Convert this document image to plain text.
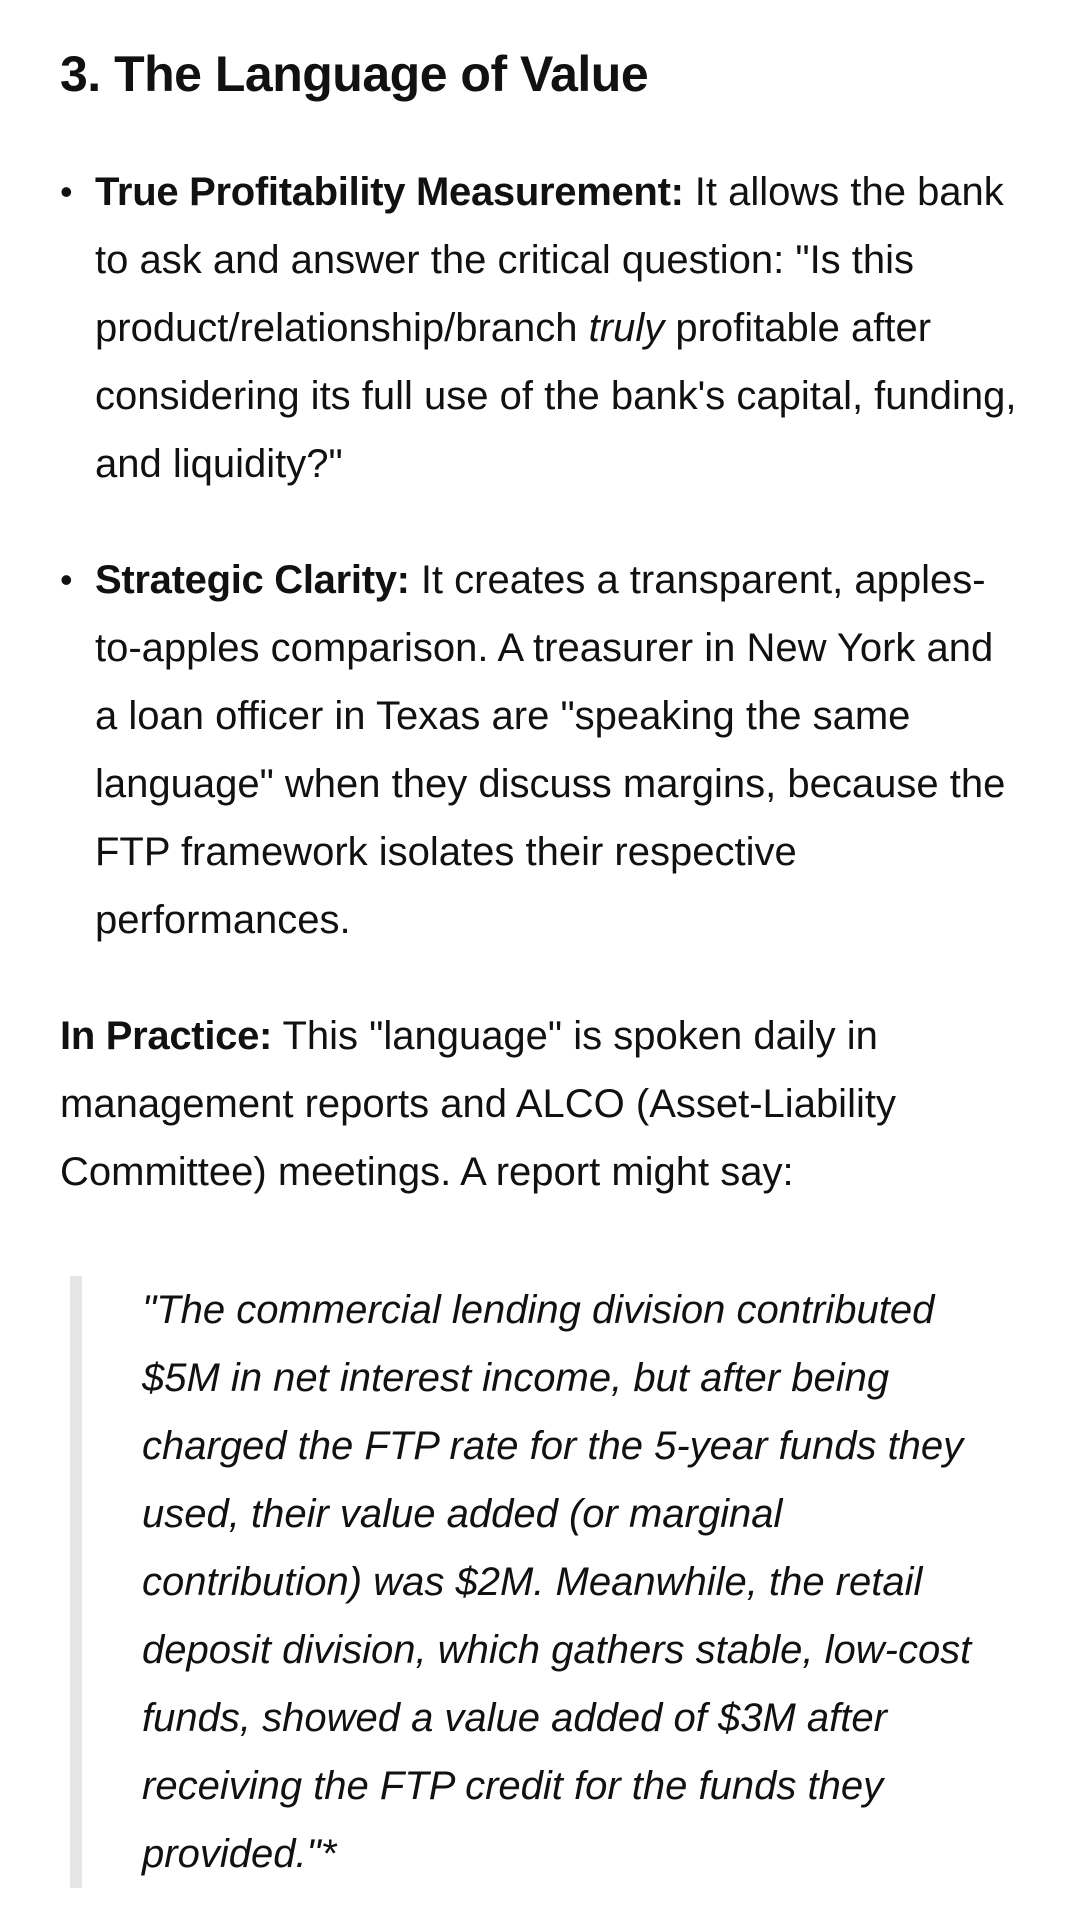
3. The Language of Value
• True Profitability Measurement: It allows the bank to ask and answer the critical question: "Is this product/relationship/branch truly profitable after considering its full use of the bank's capital, funding, and liquidity?"
• Strategic Clarity: It creates a transparent, apples-to-apples comparison. A treasurer in New York and a loan officer in Texas are "speaking the same language" when they discuss margins, because the FTP framework isolates their respective performances.

In Practice: This "language" is spoken daily in management reports and ALCO (Asset-Liability Committee) meetings. A report might say:

"The commercial lending division contributed $5M in net interest income, but after being charged the FTP rate for the 5-year funds they used, their value added (or marginal contribution) was $2M. Meanwhile, the retail deposit division, which gathers stable, low-cost funds, showed a value added of $3M after receiving the FTP credit for the funds they provided."*
